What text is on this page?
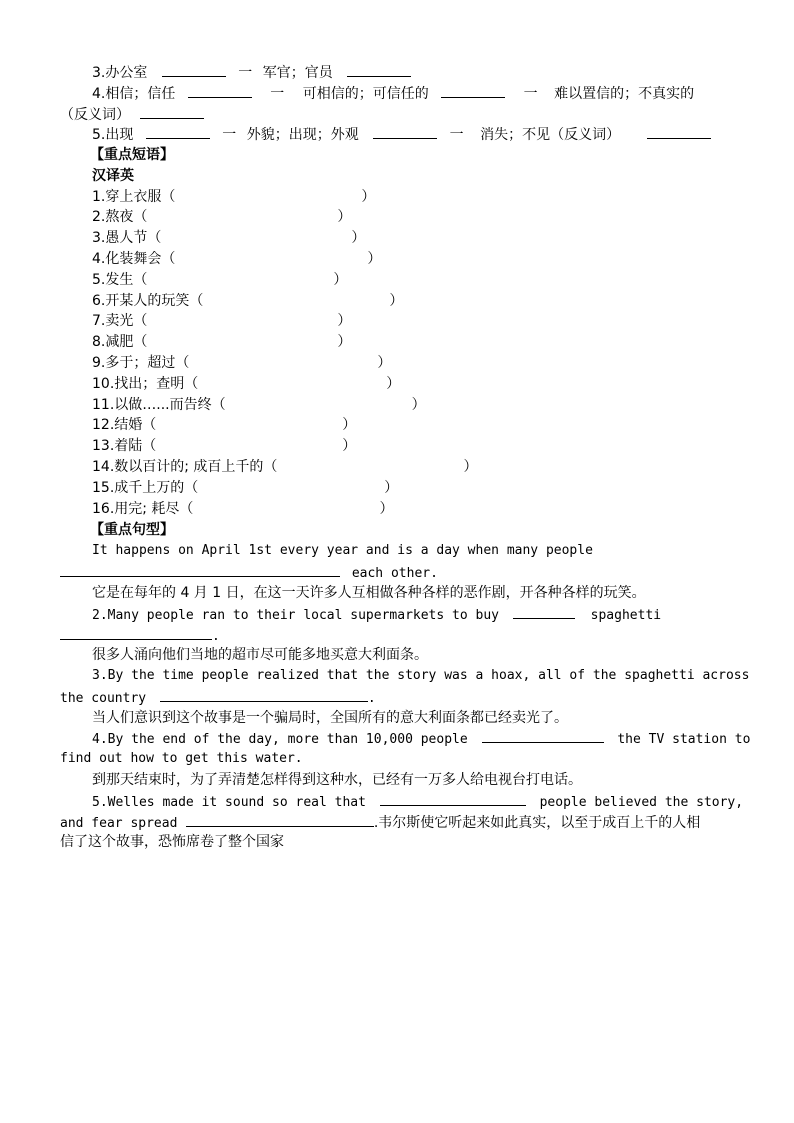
3.办公室	一 军官；官员
4.相信；信任	一 可相信的；可信任的	一 难以置信的；不真实的
（反义词）
5.出现	一 外貌；出现；外观	一 消失；不见（反义词）
【重点短语】
汉译英
1.穿上衣服（	）
2.熬夜（	）
3.愚人节（	）
4.化装舞会（	）
5.发生（	）
6.开某人的玩笑（	）
7.卖光（	）
8.减肥（	）
9.多于；超过（	）
10.找出；查明（	）
11.以做…...而告终（	）
12.结婚（	）
13.着陆（	）
14.数以百计的; 成百上千的（	）
15.成千上万的（	）
16.用完; 耗尽（	）
【重点句型】
It happens on April 1st every year and is a day when many people
each other.
它是在每年的 4 月 1 日，在这一天许多人互相做各种各样的恶作剧，开各种各样的玩笑。
2.Many people ran to their local supermarkets to buy	spaghetti
.
很多人涌向他们当地的超市尽可能多地买意大利面条。
3.By the time people realized that the story was a hoax, all of the spaghetti across
the country	.
当人们意识到这个故事是一个骗局时，全国所有的意大利面条都已经卖光了。
4.By the end of the day, more than 10,000 people	the TV station to
find out how to get this water.
到那天结束时，为了弄清楚怎样得到这种水，已经有一万多人给电视台打电话。
5.Welles made it sound so real that	people believed the story,
and fear spread	.韦尔斯使它听起来如此真实，以至于成百上千的人相
信了这个故事，恐怖席卷了整个国家
